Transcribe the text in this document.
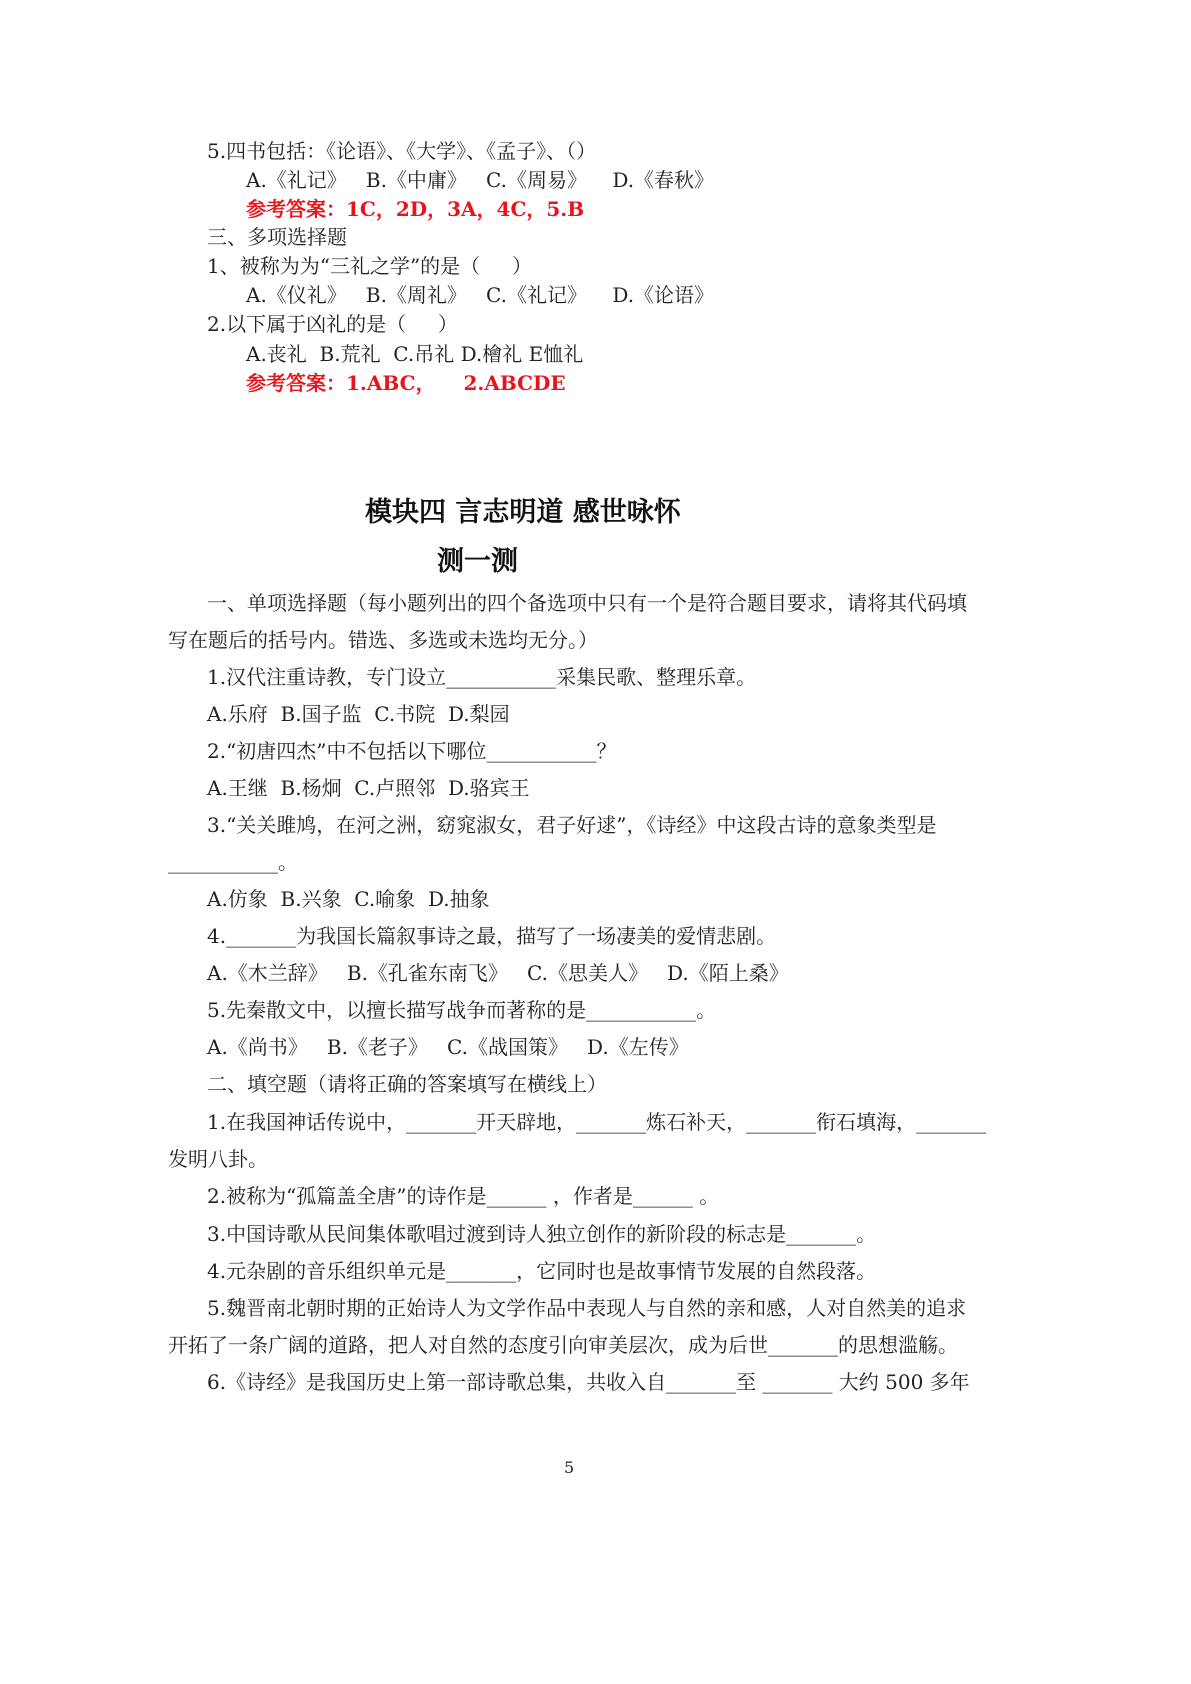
5.四书包括：《论语》、《大学》、《孟子》、（）
A.《礼记》   B.《中庸》   C.《周易》    D.《春秋》
参考答案：1C，2D，3A，4C，5.B
三、多项选择题
1、被称为为“三礼之学”的是（     ）
A.《仪礼》   B.《周礼》   C.《礼记》    D.《论语》
2.以下属于凶礼的是（     ）
A.丧礼  B.荒礼  C.吊礼 D.檜礼 E恤礼
参考答案：1.ABC，    2.ABCDE
模块四 言志明道 感世咏怀
测一测
一、单项选择题（每小题列出的四个备选项中只有一个是符合题目要求，请将其代码填
写在题后的括号内。错选、多选或未选均无分。）
1.汉代注重诗教，专门设立___________采集民歌、整理乐章。
A.乐府  B.国子监  C.书院  D.梨园
2.“初唐四杰”中不包括以下哪位___________？
A.王继  B.杨炯  C.卢照邻  D.骆宾王
3.“关关雎鸠，在河之洲，窈窕淑女，君子好逑”，《诗经》中这段古诗的意象类型是
___________。
A.仿象  B.兴象  C.喻象  D.抽象
4._______为我国长篇叙事诗之最，描写了一场凄美的爱情悲剧。
A.《木兰辞》   B.《孔雀东南飞》   C.《思美人》   D.《陌上桑》
5.先秦散文中，以擅长描写战争而著称的是___________。
A.《尚书》   B.《老子》   C.《战国策》   D.《左传》
二、填空题（请将正确的答案填写在横线上）
1.在我国神话传说中，_______开天辟地，_______炼石补天，_______衔石填海，_______
发明八卦。
2.被称为“孤篇盖全唐”的诗作是______ ，作者是______ 。
3.中国诗歌从民间集体歌唱过渡到诗人独立创作的新阶段的标志是_______。
4.元杂剧的音乐组织单元是_______，它同时也是故事情节发展的自然段落。
5.魏晋南北朝时期的正始诗人为文学作品中表现人与自然的亲和感，人对自然美的追求
开拓了一条广阔的道路，把人对自然的态度引向审美层次，成为后世_______的思想滥觞。
6.《诗经》是我国历史上第一部诗歌总集，共收入自_______至 _______ 大约 500 多年
5
